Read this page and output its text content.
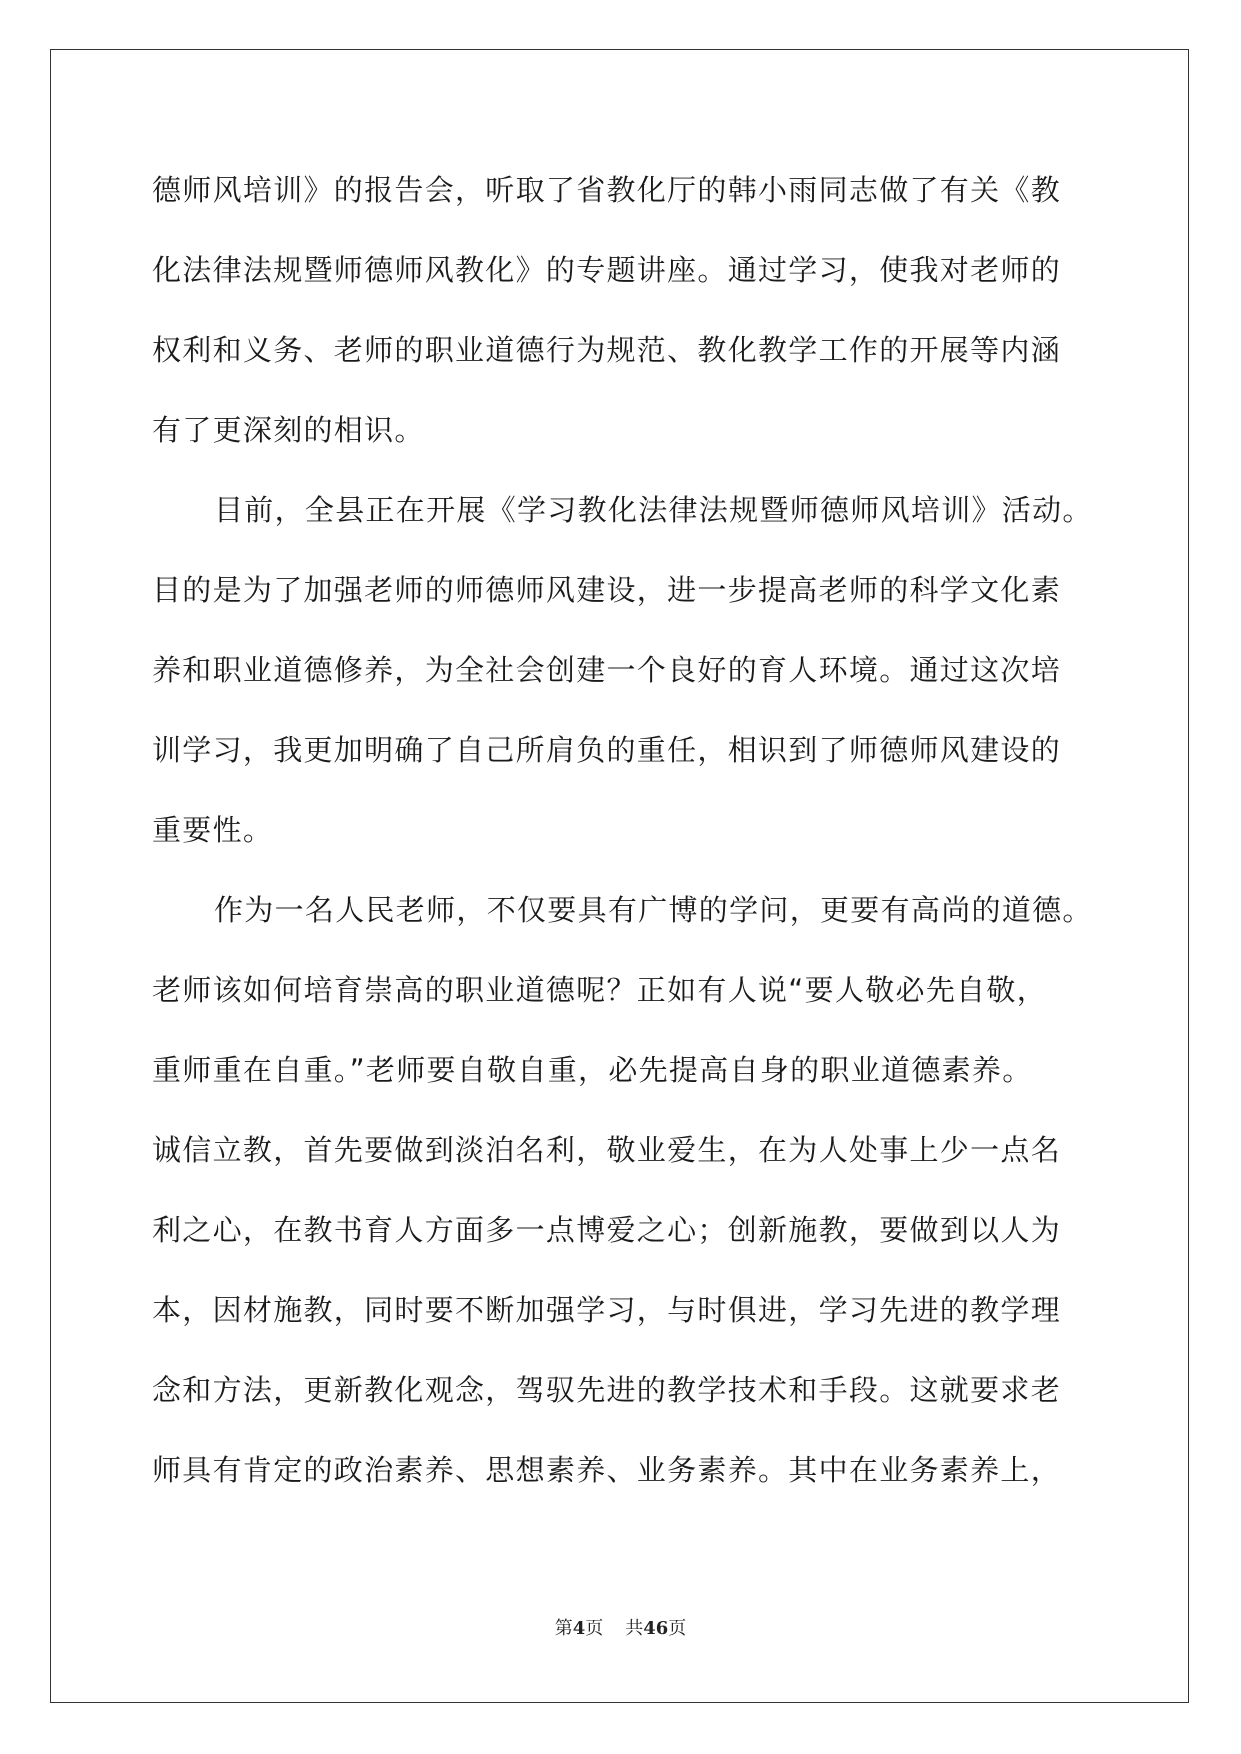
德师风培训》的报告会，听取了省教化厅的韩小雨同志做了有关《教
化法律法规暨师德师风教化》的专题讲座。通过学习，使我对老师的
权利和义务、老师的职业道德行为规范、教化教学工作的开展等内涵
有了更深刻的相识。
目前，全县正在开展《学习教化法律法规暨师德师风培训》活动。
目的是为了加强老师的师德师风建设，进一步提高老师的科学文化素
养和职业道德修养，为全社会创建一个良好的育人环境。通过这次培
训学习，我更加明确了自己所肩负的重任，相识到了师德师风建设的
重要性。
作为一名人民老师，不仅要具有广博的学问，更要有高尚的道德。
老师该如何培育崇高的职业道德呢？正如有人说“要人敬必先自敬，
重师重在自重。”老师要自敬自重，必先提高自身的职业道德素养。
诚信立教，首先要做到淡泊名利，敬业爱生，在为人处事上少一点名
利之心，在教书育人方面多一点博爱之心；创新施教，要做到以人为
本，因材施教，同时要不断加强学习，与时俱进，学习先进的教学理
念和方法，更新教化观念，驾驭先进的教学技术和手段。这就要求老
师具有肯定的政治素养、思想素养、业务素养。其中在业务素养上，
第4页 共46页
